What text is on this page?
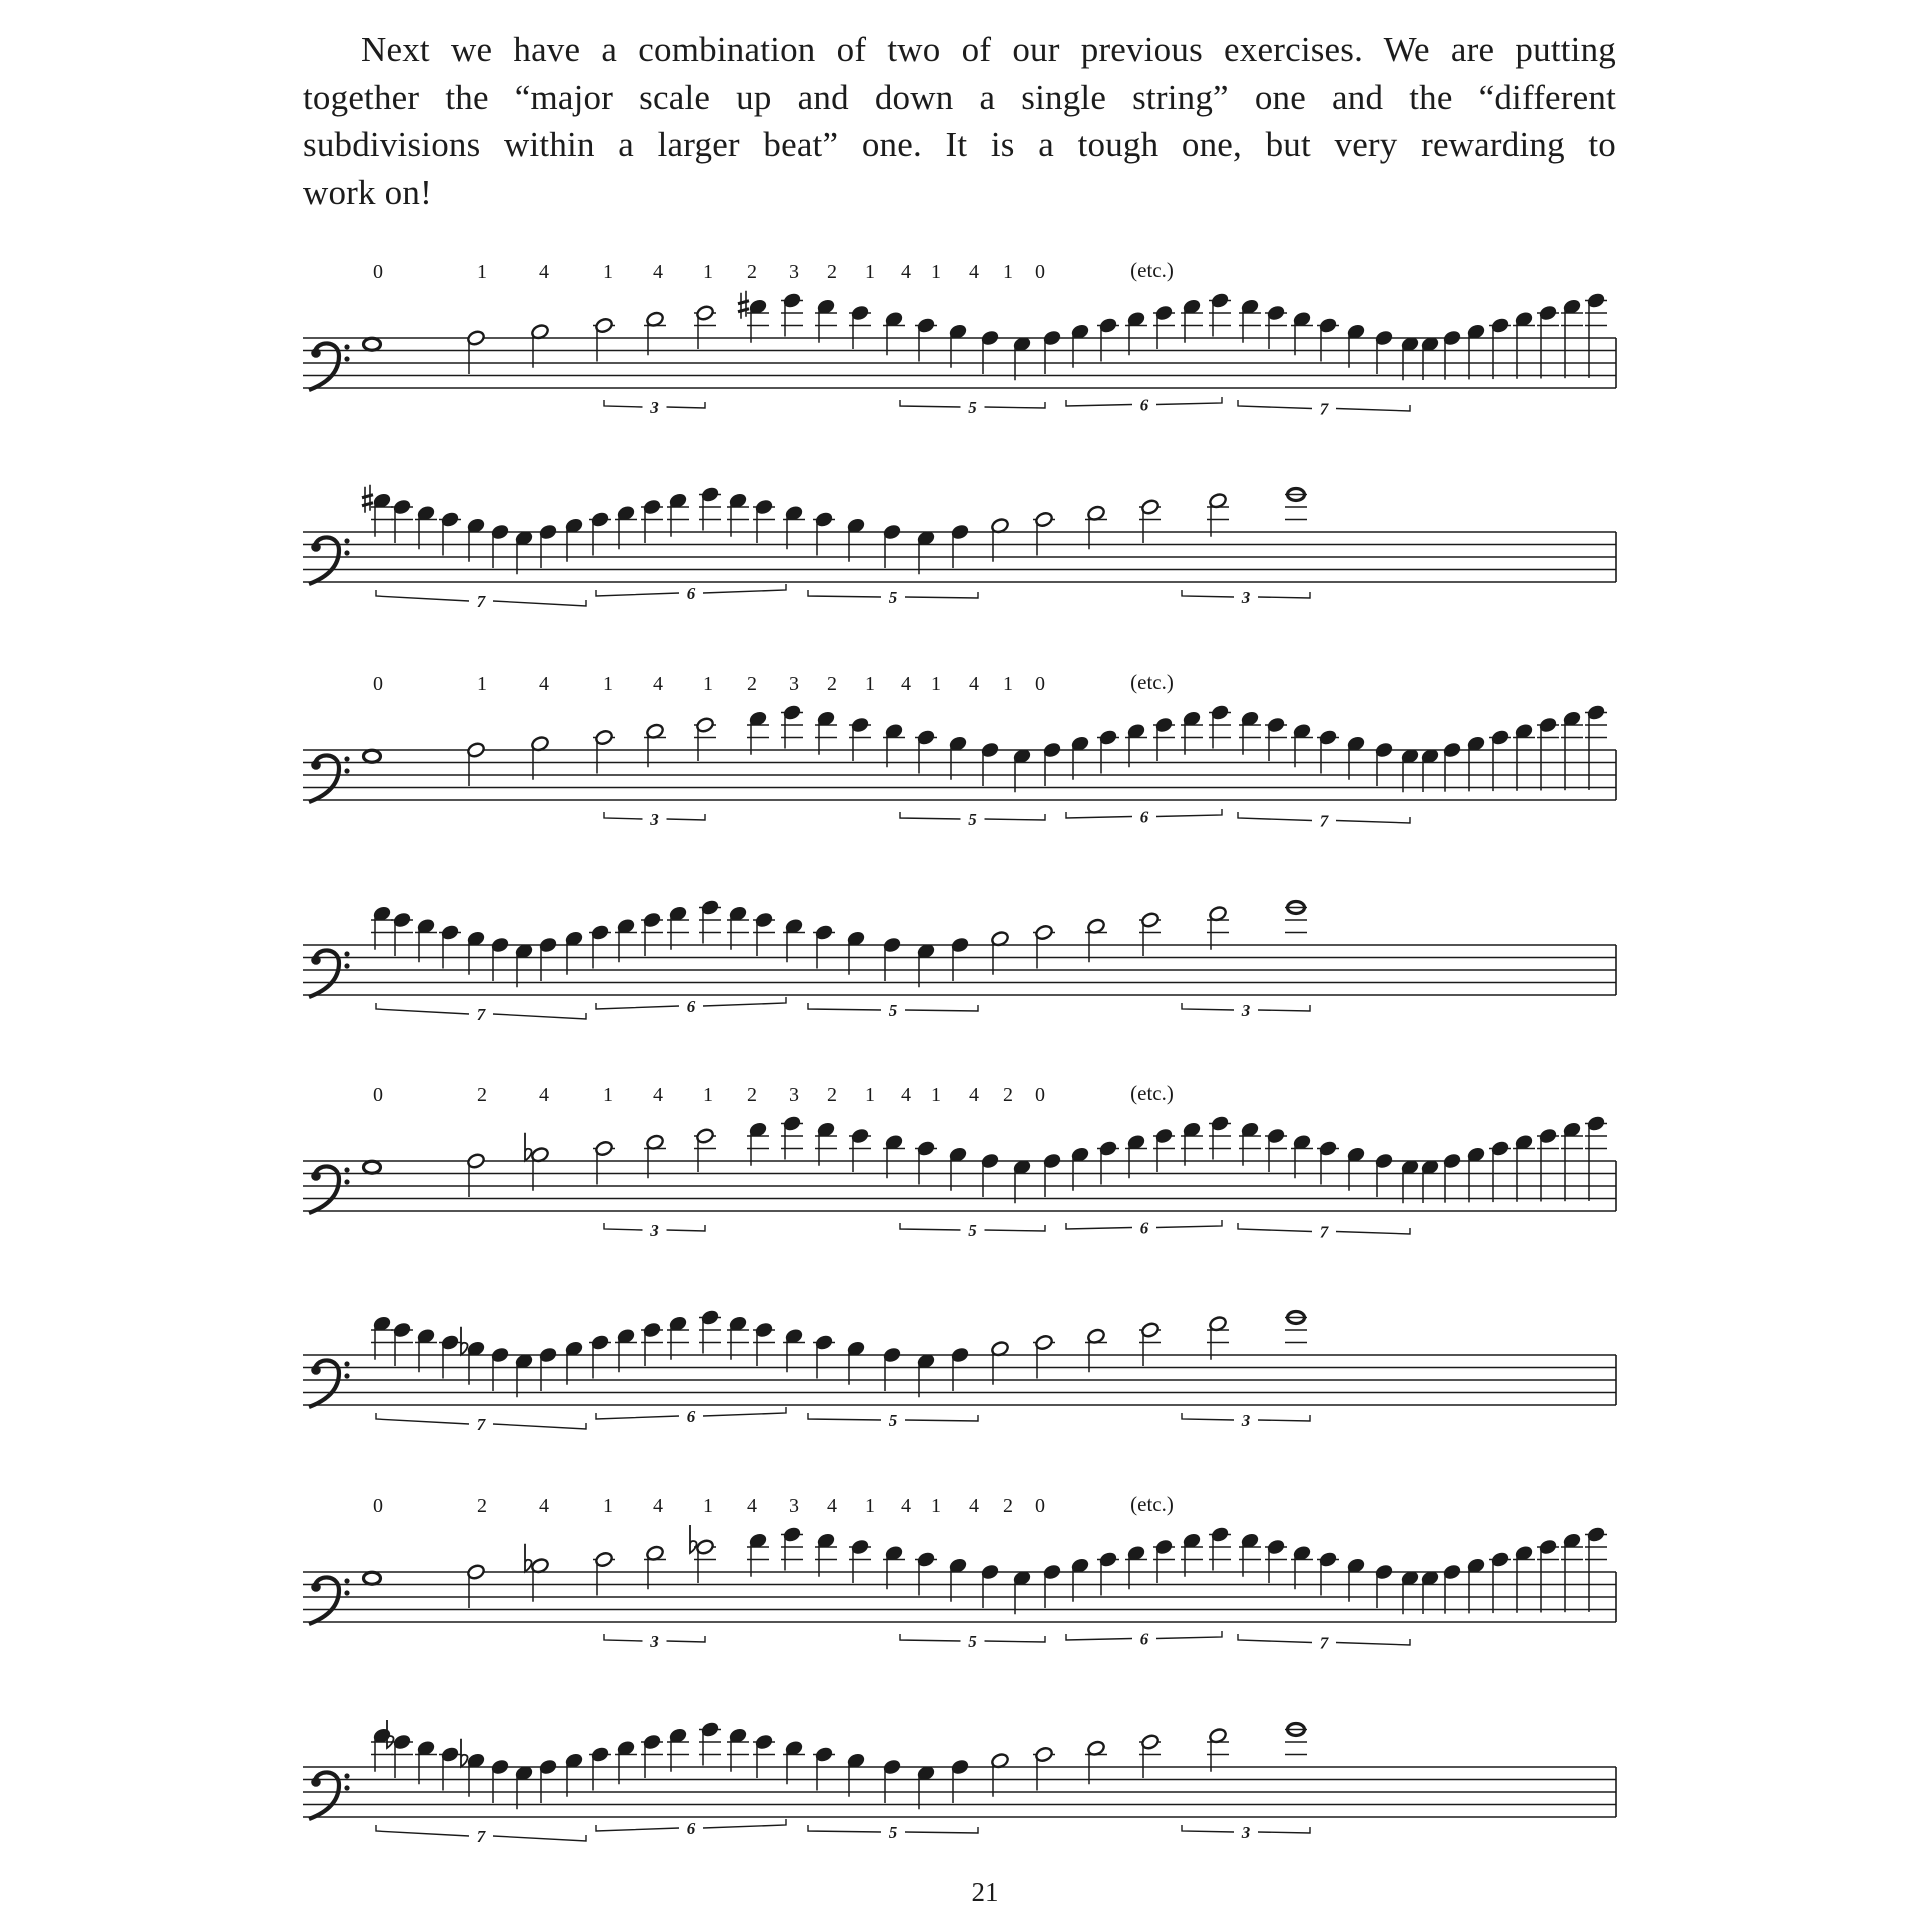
Next we have a combination of two of our previous exercises. We are putting
together the “major scale up and down a single string” one and the “different
subdivisions within a larger beat” one. It is a tough one, but very rewarding to
work on!
3	5	6	7
0	1	4	1 4 1 2 3 2 1 4 1 4 1 0	(etc.)
7	6	5	3
3	5	6	7
0	1	4	1 4 1 2 3 2 1 4 1 4 1 0	(etc.)
7	6	5	3
3	5	6	7
0	2	4	1 4 1 2 3 2 1 4 1 4 2 0	(etc.)
7	6	5	3
3	5	6	7
0	2	4	1 4 1 4 3 4 1 4 1 4 2 0	(etc.)
7	6	5	3
21
